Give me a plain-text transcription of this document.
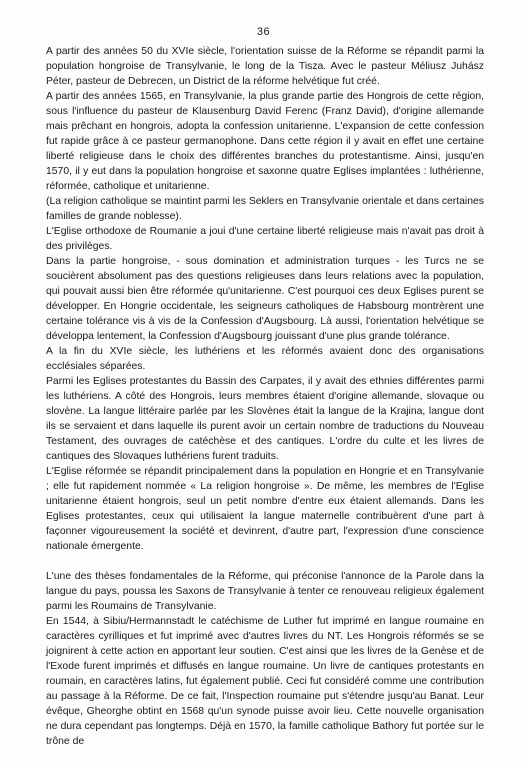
36

A partir des années 50 du XVIe siècle, l'orientation suisse de la Réforme se répandit parmi la population hongroise de Transylvanie, le long de la Tisza. Avec le pasteur Méliusz Juhász Péter, pasteur de Debrecen, un District de la réforme helvétique fut créé.

A partir des années 1565, en Transylvanie, la plus grande partie des Hongrois de cette région, sous l'influence du pasteur de Klausenburg David Ferenc (Franz David), d'origine allemande mais prêchant en hongrois, adopta la confession unitarienne. L'expansion de cette confession fut rapide grâce à ce pasteur germanophone. Dans cette région il y avait en effet une certaine liberté religieuse dans le choix des différentes branches du protestantisme. Ainsi, jusqu'en 1570, il y eut dans la population hongroise et saxonne quatre Eglises implantées : luthérienne, réformée, catholique et unitarienne.

(La religion catholique se maintint parmi les Seklers en Transylvanie orientale et dans certaines familles de grande noblesse).

L'Eglise orthodoxe de Roumanie a joui d'une certaine liberté religieuse mais n'avait pas droit à des privilèges.

Dans la partie hongroise, - sous domination et administration turques - les Turcs ne se soucièrent absolument pas des questions religieuses dans leurs relations avec la population, qui pouvait aussi bien être réformée qu'unitarienne. C'est pourquoi ces deux Eglises purent se développer. En Hongrie occidentale, les seigneurs catholiques de Habsbourg montrèrent une certaine tolérance vis à vis de la Confession d'Augsbourg. Là aussi, l'orientation helvétique se développa lentement, la Confession d'Augsbourg jouissant d'une plus grande tolérance.

A la fin du XVIe siècle, les luthériens et les réformés avaient donc des organisations ecclésiales séparées.

Parmi les Eglises protestantes du Bassin des Carpates, il y avait des ethnies différentes parmi les luthériens. A côté des Hongrois, leurs membres étaient d'origine allemande, slovaque ou slovène. La langue littéraire parlée par les Slovènes était la langue de la Krajina, langue dont ils se servaient et dans laquelle ils purent avoir un certain nombre de traductions du Nouveau Testament, des ouvrages de catéchèse et des cantiques. L'ordre du culte et les livres de cantiques des Slovaques luthériens furent traduits.

L'Eglise réformée se répandit principalement dans la population en Hongrie et en Transylvanie ; elle fut rapidement nommée « La religion hongroise ». De même, les membres de l'Eglise unitarienne étaient hongrois, seul un petit nombre d'entre eux étaient allemands. Dans les Eglises protestantes, ceux qui utilisaient la langue maternelle contribuèrent d'une part à façonner vigoureusement la société et devinrent, d'autre part, l'expression d'une conscience nationale émergente.

L'une des thèses fondamentales de la Réforme, qui préconise l'annonce de la Parole dans la langue du pays, poussa les Saxons de Transylvanie à tenter ce renouveau religieux également parmi les Roumains de Transylvanie.

En 1544, à Sibiu/Hermannstadt le catéchisme de Luther fut imprimé en langue roumaine en caractères cyrilliques et fut imprimé avec d'autres livres du NT. Les Hongrois réformés se se joignirent à cette action en apportant leur soutien. C'est ainsi que les livres de la Genèse et de l'Exode furent imprimés et diffusés en langue roumaine. Un livre de cantiques protestants en roumain, en caractères latins, fut également publié. Ceci fut considéré comme une contribution au passage à la Réforme. De ce fait, l'Inspection roumaine put s'étendre jusqu'au Banat. Leur évêque, Gheorghe obtint en 1568 qu'un synode puisse avoir lieu. Cette nouvelle organisation ne dura cependant pas longtemps. Déjà en 1570, la famille catholique Bathory fut portée sur le trône de
